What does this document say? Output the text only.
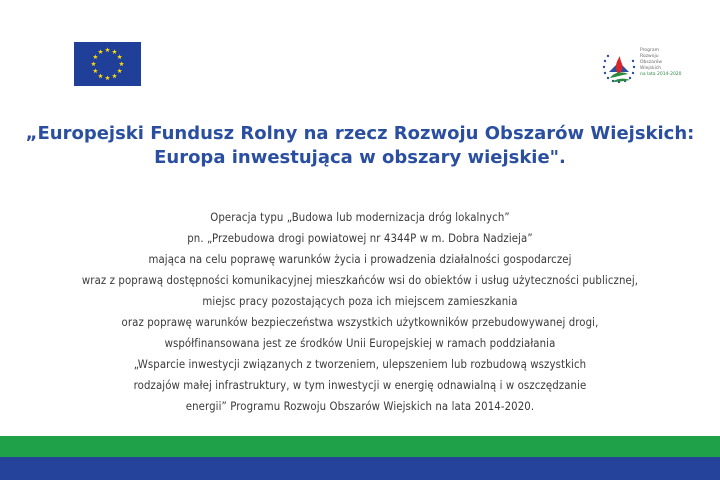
Program
Rozwoju
Obszarów
Wiejskich
na lata 2014-2020
„Europejski Fundusz Rolny na rzecz Rozwoju Obszarów Wiejskich:
Europa inwestująca w obszary wiejskie".
Operacja typu „Budowa lub modernizacja dróg lokalnych”
pn. „Przebudowa drogi powiatowej nr 4344P w m. Dobra Nadzieja”
mająca na celu poprawę warunków życia i prowadzenia działalności gospodarczej
wraz z poprawą dostępności komunikacyjnej mieszkańców wsi do obiektów i usług użyteczności publicznej,
miejsc pracy pozostających poza ich miejscem zamieszkania
oraz poprawę warunków bezpieczeństwa wszystkich użytkowników przebudowywanej drogi,
współfinansowana jest ze środków Unii Europejskiej w ramach poddziałania
„Wsparcie inwestycji związanych z tworzeniem, ulepszeniem lub rozbudową wszystkich
rodzajów małej infrastruktury, w tym inwestycji w energię odnawialną i w oszczędzanie
energii” Programu Rozwoju Obszarów Wiejskich na lata 2014-2020.
